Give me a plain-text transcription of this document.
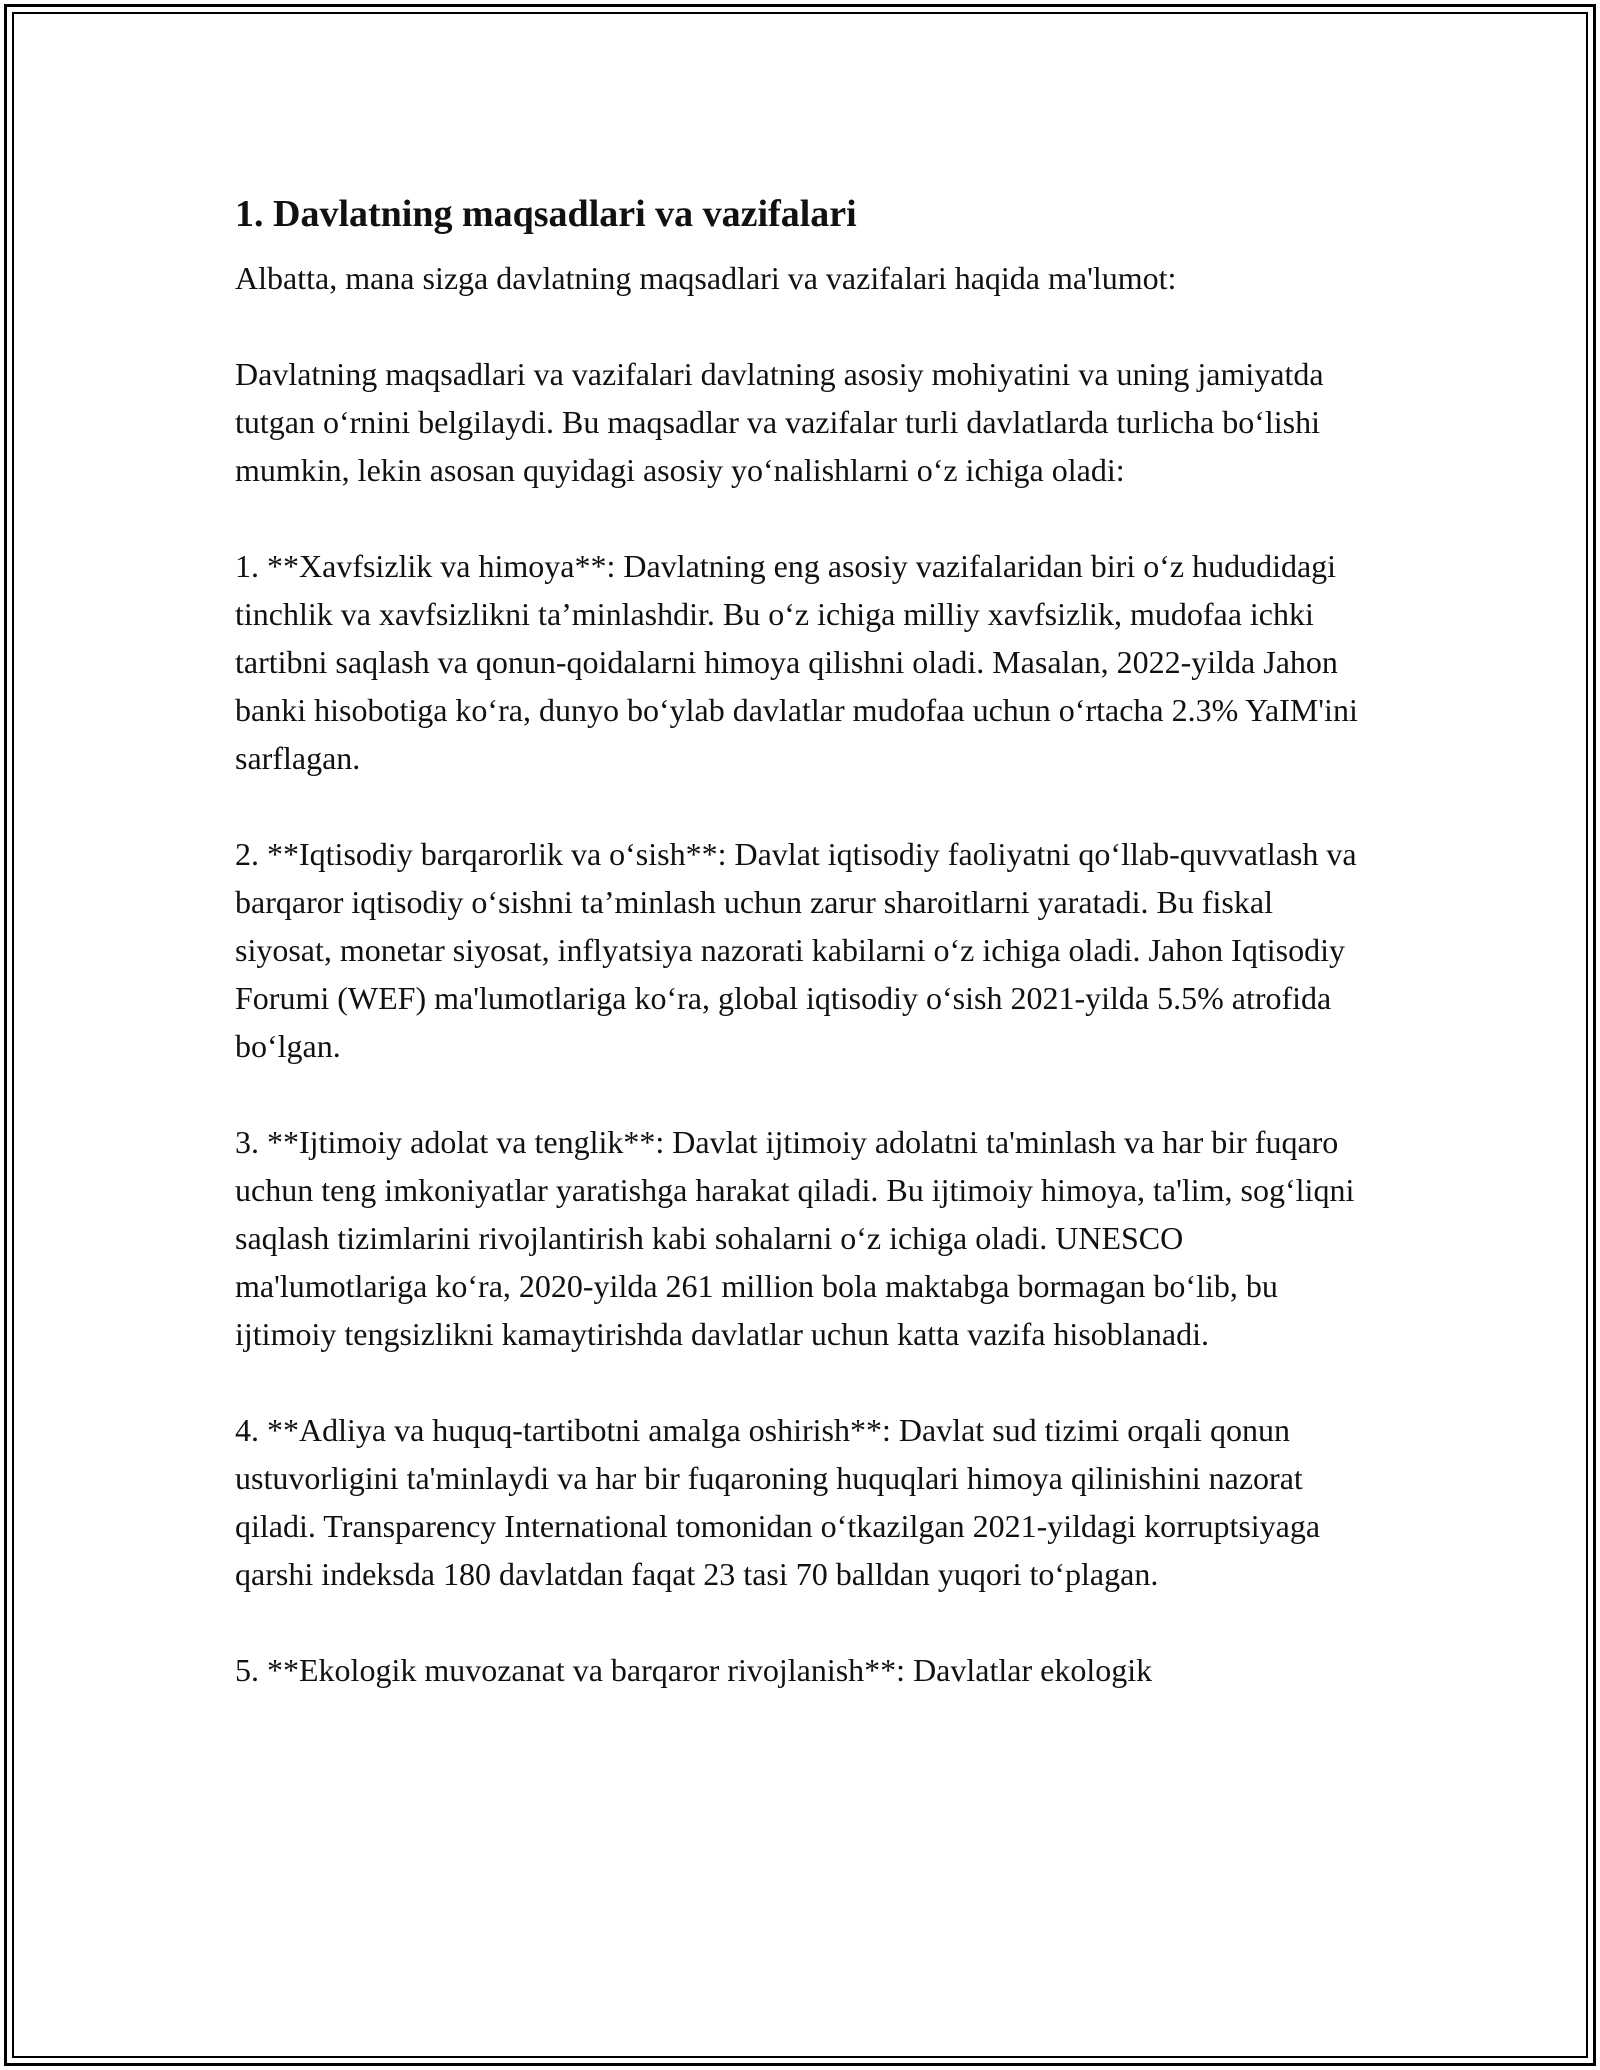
1. Davlatning maqsadlari va vazifalari

Albatta, mana sizga davlatning maqsadlari va vazifalari haqida ma'lumot:

Davlatning maqsadlari va vazifalari davlatning asosiy mohiyatini va uning jamiyatda tutgan o‘rnini belgilaydi. Bu maqsadlar va vazifalar turli davlatlarda turlicha bo‘lishi mumkin, lekin asosan quyidagi asosiy yo‘nalishlarni o‘z ichiga oladi:

1. **Xavfsizlik va himoya**: Davlatning eng asosiy vazifalaridan biri o‘z hududidagi tinchlik va xavfsizlikni ta’minlashdir. Bu o‘z ichiga milliy xavfsizlik, mudofaa ichki tartibni saqlash va qonun-qoidalarni himoya qilishni oladi. Masalan, 2022-yilda Jahon banki hisobotiga ko‘ra, dunyo bo‘ylab davlatlar mudofaa uchun o‘rtacha 2.3% YaIM'ini sarflagan.

2. **Iqtisodiy barqarorlik va o‘sish**: Davlat iqtisodiy faoliyatni qo‘llab-quvvatlash va barqaror iqtisodiy o‘sishni ta’minlash uchun zarur sharoitlarni yaratadi. Bu fiskal siyosat, monetar siyosat, inflyatsiya nazorati kabilarni o‘z ichiga oladi. Jahon Iqtisodiy Forumi (WEF) ma'lumotlariga ko‘ra, global iqtisodiy o‘sish 2021-yilda 5.5% atrofida bo‘lgan.

3. **Ijtimoiy adolat va tenglik**: Davlat ijtimoiy adolatni ta'minlash va har bir fuqaro uchun teng imkoniyatlar yaratishga harakat qiladi. Bu ijtimoiy himoya, ta'lim, sog‘liqni saqlash tizimlarini rivojlantirish kabi sohalarni o‘z ichiga oladi. UNESCO ma'lumotlariga ko‘ra, 2020-yilda 261 million bola maktabga bormagan bo‘lib, bu ijtimoiy tengsizlikni kamaytirishda davlatlar uchun katta vazifa hisoblanadi.

4. **Adliya va huquq-tartibotni amalga oshirish**: Davlat sud tizimi orqali qonun ustuvorligini ta'minlaydi va har bir fuqaroning huquqlari himoya qilinishini nazorat qiladi. Transparency International tomonidan o‘tkazilgan 2021-yildagi korruptsiyaga qarshi indeksda 180 davlatdan faqat 23 tasi 70 balldan yuqori to‘plagan.

5. **Ekologik muvozanat va barqaror rivojlanish**: Davlatlar ekologik
